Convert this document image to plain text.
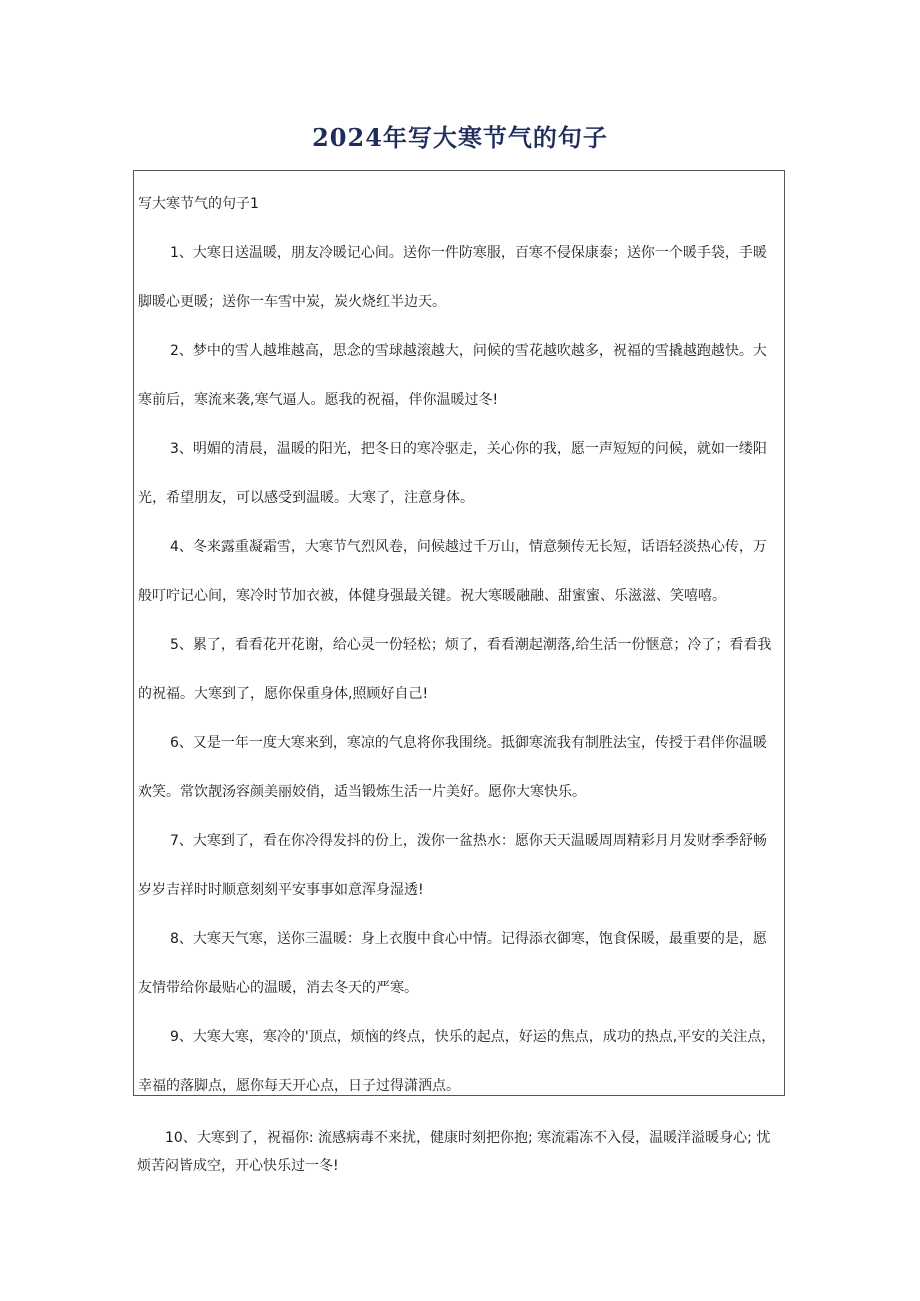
2024年写大寒节气的句子
写大寒节气的句子1

1、大寒日送温暖，朋友冷暖记心间。送你一件防寒服，百寒不侵保康泰；送你一个暖手袋，手暖脚暖心更暖；送你一车雪中炭，炭火烧红半边天。

2、梦中的雪人越堆越高，思念的雪球越滚越大，问候的雪花越吹越多，祝福的雪撬越跑越快。大寒前后，寒流来袭,寒气逼人。愿我的祝福，伴你温暖过冬!

3、明媚的清晨，温暖的阳光，把冬日的寒冷驱走，关心你的我，愿一声短短的问候，就如一缕阳光，希望朋友，可以感受到温暖。大寒了，注意身体。

4、冬来露重凝霜雪，大寒节气烈风卷，问候越过千万山，情意频传无长短，话语轻淡热心传，万般叮咛记心间，寒冷时节加衣被，体健身强最关键。祝大寒暖融融、甜蜜蜜、乐滋滋、笑嘻嘻。

5、累了，看看花开花谢，给心灵一份轻松；烦了，看看潮起潮落,给生活一份惬意；冷了；看看我的祝福。大寒到了，愿你保重身体,照顾好自己!

6、又是一年一度大寒来到，寒凉的气息将你我围绕。抵御寒流我有制胜法宝，传授于君伴你温暖欢笑。常饮靓汤容颜美丽姣俏，适当锻炼生活一片美好。愿你大寒快乐。

7、大寒到了，看在你冷得发抖的份上，泼你一盆热水：愿你天天温暖周周精彩月月发财季季舒畅岁岁吉祥时时顺意刻刻平安事事如意浑身湿透!

8、大寒天气寒，送你三温暖：身上衣腹中食心中情。记得添衣御寒，饱食保暖，最重要的是，愿友情带给你最贴心的温暖，消去冬天的严寒。

9、大寒大寒，寒冷的'顶点，烦恼的终点，快乐的起点，好运的焦点，成功的热点,平安的关注点，幸福的落脚点，愿你每天开心点，日子过得潇洒点。

10、大寒到了，祝福你: 流感病毒不来扰，健康时刻把你抱; 寒流霜冻不入侵，温暖洋溢暖身心; 忧烦苦闷皆成空，开心快乐过一冬!
